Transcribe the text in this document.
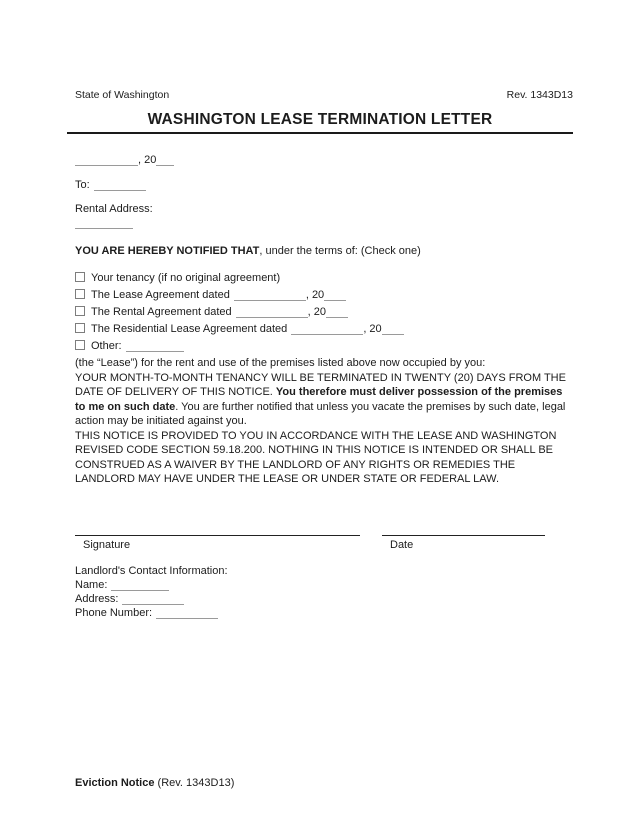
State of Washington	Rev. 1343D13
WASHINGTON LEASE TERMINATION LETTER

, 20

To:

Rental Address:

YOU ARE HEREBY NOTIFIED THAT, under the terms of: (Check one)

Your tenancy (if no original agreement)
The Lease Agreement dated	, 20
The Rental Agreement dated	, 20
The Residential Lease Agreement dated	, 20
Other:

(the “Lease”) for the rent and use of the premises listed above now occupied by you:

YOUR MONTH-TO-MONTH TENANCY WILL BE TERMINATED IN TWENTY (20) DAYS FROM THE DATE OF DELIVERY OF THIS NOTICE. You therefore must deliver possession of the premises to me on such date. You are further notified that unless you vacate the premises by such date, legal action may be initiated against you.

THIS NOTICE IS PROVIDED TO YOU IN ACCORDANCE WITH THE LEASE AND WASHINGTON REVISED CODE SECTION 59.18.200. NOTHING IN THIS NOTICE IS INTENDED OR SHALL BE CONSTRUED AS A WAIVER BY THE LANDLORD OF ANY RIGHTS OR REMEDIES THE LANDLORD MAY HAVE UNDER THE LEASE OR UNDER STATE OR FEDERAL LAW.

Signature	Date
Landlord's Contact Information:
Name:
Address:
Phone Number:
Eviction Notice (Rev. 1343D13)
